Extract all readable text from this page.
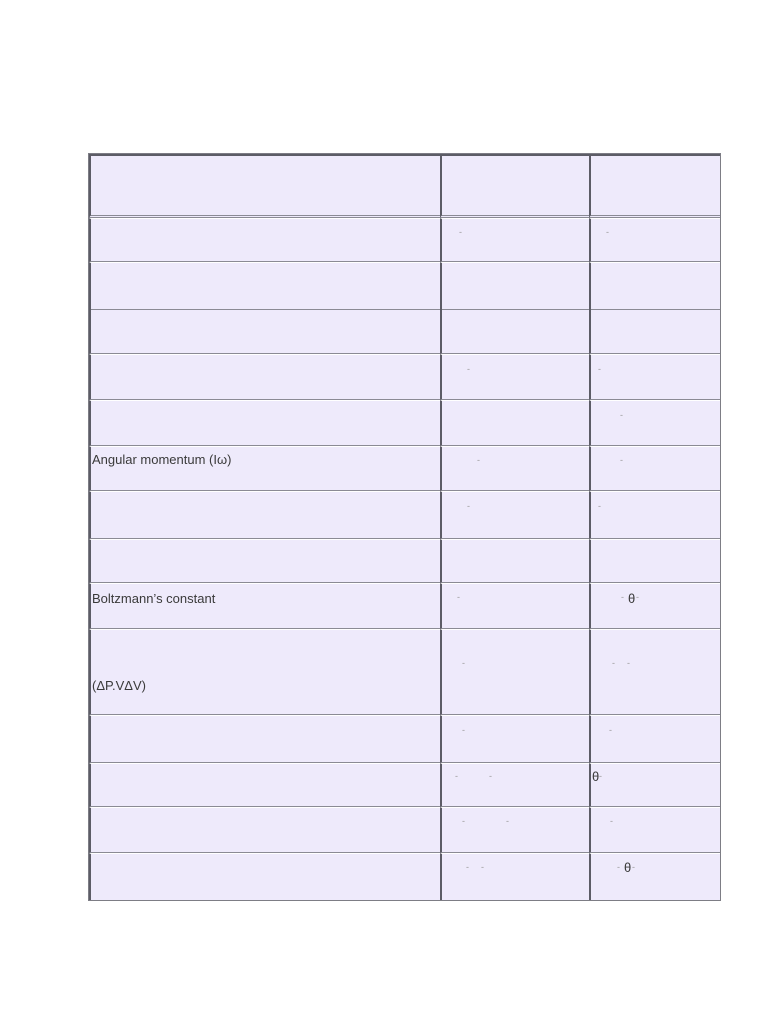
	-	-

	-	-

		-

Angular momentum (Iω)	-	-

	-	-

Boltzmann’s constant	-	- θ -

(ΔP.VΔV)	-	- -

	-	-

	- -	θ -

	- -	-

	- -	- θ -
